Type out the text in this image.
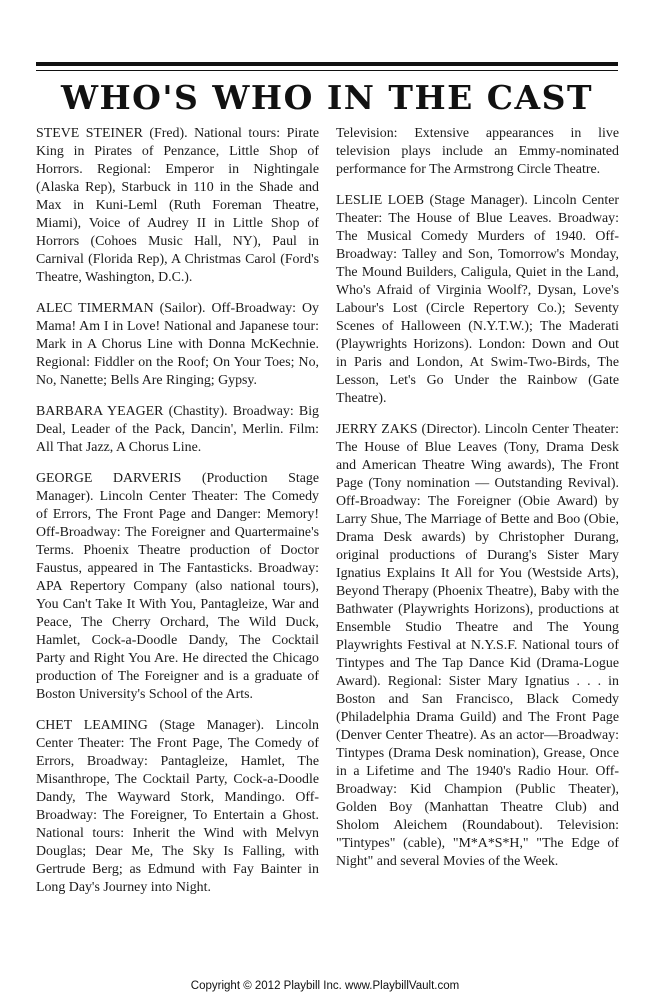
WHO'S WHO IN THE CAST

STEVE STEINER (Fred). National tours: Pirate King in Pirates of Penzance, Little Shop of Horrors. Regional: Emperor in Nightingale (Alaska Rep), Starbuck in 110 in the Shade and Max in Kuni-Leml (Ruth Foreman Theatre, Miami), Voice of Audrey II in Little Shop of Horrors (Cohoes Music Hall, NY), Paul in Carnival (Florida Rep), A Christmas Carol (Ford's Theatre, Washington, D.C.).

ALEC TIMERMAN (Sailor). Off-Broadway: Oy Mama! Am I in Love! National and Japanese tour: Mark in A Chorus Line with Donna McKechnie. Regional: Fiddler on the Roof; On Your Toes; No, No, Nanette; Bells Are Ringing; Gypsy.

BARBARA YEAGER (Chastity). Broadway: Big Deal, Leader of the Pack, Dancin', Merlin. Film: All That Jazz, A Chorus Line.

GEORGE DARVERIS (Production Stage Manager). Lincoln Center Theater: The Comedy of Errors, The Front Page and Danger: Memory! Off-Broadway: The Foreigner and Quartermaine's Terms. Phoenix Theatre production of Doctor Faustus, appeared in The Fantasticks. Broadway: APA Repertory Company (also national tours), You Can't Take It With You, Pantagleize, War and Peace, The Cherry Orchard, The Wild Duck, Hamlet, Cock-a-Doodle Dandy, The Cocktail Party and Right You Are. He directed the Chicago production of The Foreigner and is a graduate of Boston University's School of the Arts.

CHET LEAMING (Stage Manager). Lincoln Center Theater: The Front Page, The Comedy of Errors, Broadway: Pantagleize, Hamlet, The Misanthrope, The Cocktail Party, Cock-a-Doodle Dandy, The Wayward Stork, Mandingo. Off-Broadway: The Foreigner, To Entertain a Ghost. National tours: Inherit the Wind with Melvyn Douglas; Dear Me, The Sky Is Falling, with Gertrude Berg; as Edmund with Fay Bainter in Long Day's Journey into Night.

Television: Extensive appearances in live television plays include an Emmy-nominated performance for The Armstrong Circle Theatre.

LESLIE LOEB (Stage Manager). Lincoln Center Theater: The House of Blue Leaves. Broadway: The Musical Comedy Murders of 1940. Off-Broadway: Talley and Son, Tomorrow's Monday, The Mound Builders, Caligula, Quiet in the Land, Who's Afraid of Virginia Woolf?, Dysan, Love's Labour's Lost (Circle Repertory Co.); Seventy Scenes of Halloween (N.Y.T.W.); The Maderati (Playwrights Horizons). London: Down and Out in Paris and London, At Swim-Two-Birds, The Lesson, Let's Go Under the Rainbow (Gate Theatre).

JERRY ZAKS (Director). Lincoln Center Theater: The House of Blue Leaves (Tony, Drama Desk and American Theatre Wing awards), The Front Page (Tony nomination — Outstanding Revival). Off-Broadway: The Foreigner (Obie Award) by Larry Shue, The Marriage of Bette and Boo (Obie, Drama Desk awards) by Christopher Durang, original productions of Durang's Sister Mary Ignatius Explains It All for You (Westside Arts), Beyond Therapy (Phoenix Theatre), Baby with the Bathwater (Playwrights Horizons), productions at Ensemble Studio Theatre and The Young Playwrights Festival at N.Y.S.F. National tours of Tintypes and The Tap Dance Kid (Drama-Logue Award). Regional: Sister Mary Ignatius . . . in Boston and San Francisco, Black Comedy (Philadelphia Drama Guild) and The Front Page (Denver Center Theatre). As an actor—Broadway: Tintypes (Drama Desk nomination), Grease, Once in a Lifetime and The 1940's Radio Hour. Off-Broadway: Kid Champion (Public Theater), Golden Boy (Manhattan Theatre Club) and Sholom Aleichem (Roundabout). Television: "Tintypes" (cable), "M*A*S*H," "The Edge of Night" and several Movies of the Week.

Copyright © 2012 Playbill Inc. www.PlaybillVault.com
